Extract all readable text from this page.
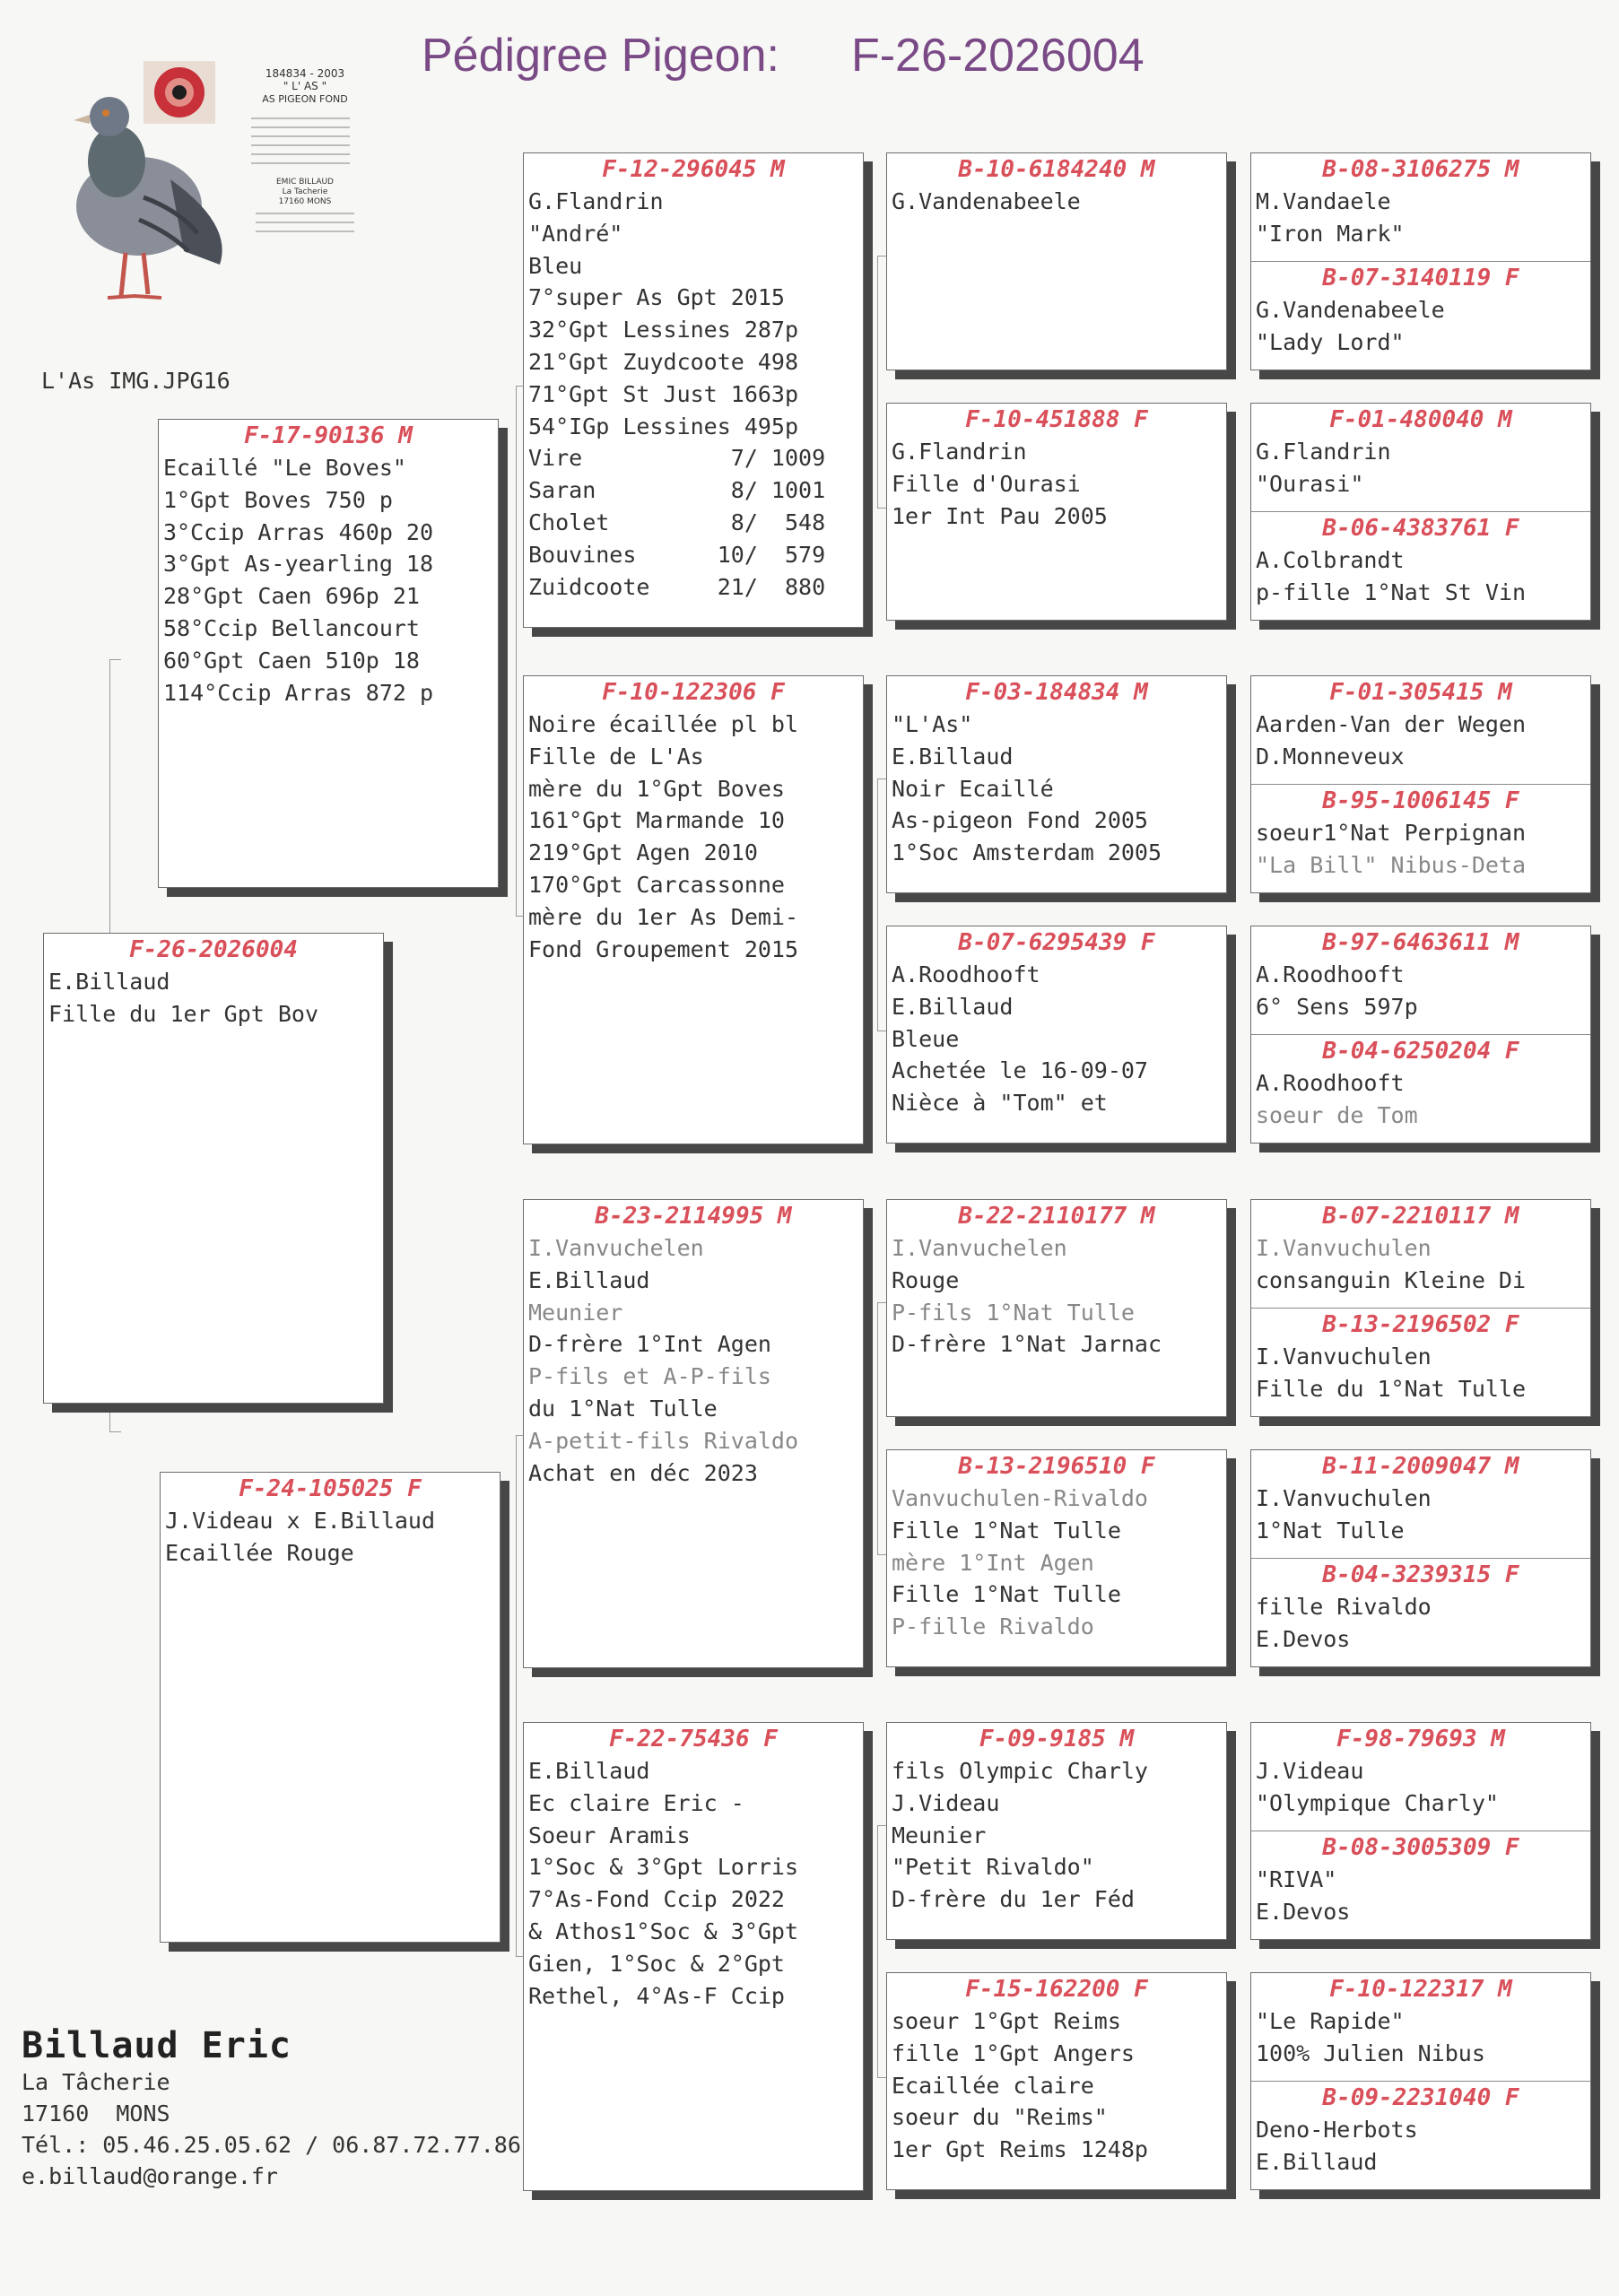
Pédigree Pigeon: F-26-2026004
184834 - 2003
" L' AS "
AS PIGEON FOND
EMIC BILLAUD
La Tacherie
17160 MONS
L'As IMG.JPG16
F-26-2026004
E.Billaud
Fille du 1er Gpt Bov
F-17-90136 M
Ecaillé "Le Boves"
1°Gpt Boves 750 p
3°Ccip Arras 460p 20
3°Gpt As-yearling 18
28°Gpt Caen 696p 21
58°Ccip Bellancourt
60°Gpt Caen 510p 18
114°Ccip Arras 872 p
F-24-105025 F
J.Videau x E.Billaud
Ecaillée Rouge
F-12-296045 M
G.Flandrin
"André"
Bleu
7°super As Gpt 2015
32°Gpt Lessines 287p
21°Gpt Zuydcoote 498
71°Gpt St Just 1663p
54°IGp Lessines 495p
Vire           7/ 1009
Saran          8/ 1001
Cholet         8/  548
Bouvines      10/  579
Zuidcoote     21/  880
F-10-122306 F
Noire écaillée pl bl
Fille de L'As
mère du 1°Gpt Boves
161°Gpt Marmande 10
219°Gpt Agen 2010
170°Gpt Carcassonne
mère du 1er As Demi-
Fond Groupement 2015
B-23-2114995 M
I.Vanvuchelen
E.Billaud
Meunier
D-frère 1°Int Agen
P-fils et A-P-fils
du 1°Nat Tulle
A-petit-fils Rivaldo
Achat en déc 2023
F-22-75436 F
E.Billaud
Ec claire Eric -
Soeur Aramis
1°Soc & 3°Gpt Lorris
7°As-Fond Ccip 2022
& Athos1°Soc & 3°Gpt
Gien, 1°Soc & 2°Gpt
Rethel, 4°As-F Ccip
B-10-6184240 M
G.Vandenabeele
F-10-451888 F
G.Flandrin
Fille d'Ourasi
1er Int Pau 2005
F-03-184834 M
"L'As"
E.Billaud
Noir Ecaillé
As-pigeon Fond 2005
1°Soc Amsterdam 2005
B-07-6295439 F
A.Roodhooft
E.Billaud
Bleue
Achetée le 16-09-07
Nièce à "Tom" et
B-22-2110177 M
I.Vanvuchelen
Rouge
P-fils 1°Nat Tulle
D-frère 1°Nat Jarnac
B-13-2196510 F
Vanvuchulen-Rivaldo
Fille 1°Nat Tulle
mère 1°Int Agen
Fille 1°Nat Tulle
P-fille Rivaldo
F-09-9185 M
fils Olympic Charly
J.Videau
Meunier
"Petit Rivaldo"
D-frère du 1er Féd
F-15-162200 F
soeur 1°Gpt Reims
fille 1°Gpt Angers
Ecaillée claire
soeur du "Reims"
1er Gpt Reims 1248p
B-08-3106275 M
M.Vandaele
"Iron Mark"
B-07-3140119 F
G.Vandenabeele
"Lady Lord"
F-01-480040 M
G.Flandrin
"Ourasi"
B-06-4383761 F
A.Colbrandt
p-fille 1°Nat St Vin
F-01-305415 M
Aarden-Van der Wegen
D.Monneveux
B-95-1006145 F
soeur1°Nat Perpignan
"La Bill" Nibus-Deta
B-97-6463611 M
A.Roodhooft
6° Sens 597p
B-04-6250204 F
A.Roodhooft
soeur de Tom
B-07-2210117 M
I.Vanvuchulen
consanguin Kleine Di
B-13-2196502 F
I.Vanvuchulen
Fille du 1°Nat Tulle
B-11-2009047 M
I.Vanvuchulen
1°Nat Tulle
B-04-3239315 F
fille Rivaldo
E.Devos
F-98-79693 M
J.Videau
"Olympique Charly"
B-08-3005309 F
"RIVA"
E.Devos
F-10-122317 M
"Le Rapide"
100% Julien Nibus
B-09-2231040 F
Deno-Herbots
E.Billaud
Billaud Eric
La Tâcherie
17160  MONS
Tél.: 05.46.25.05.62 / 06.87.72.77.86
e.billaud@orange.fr
